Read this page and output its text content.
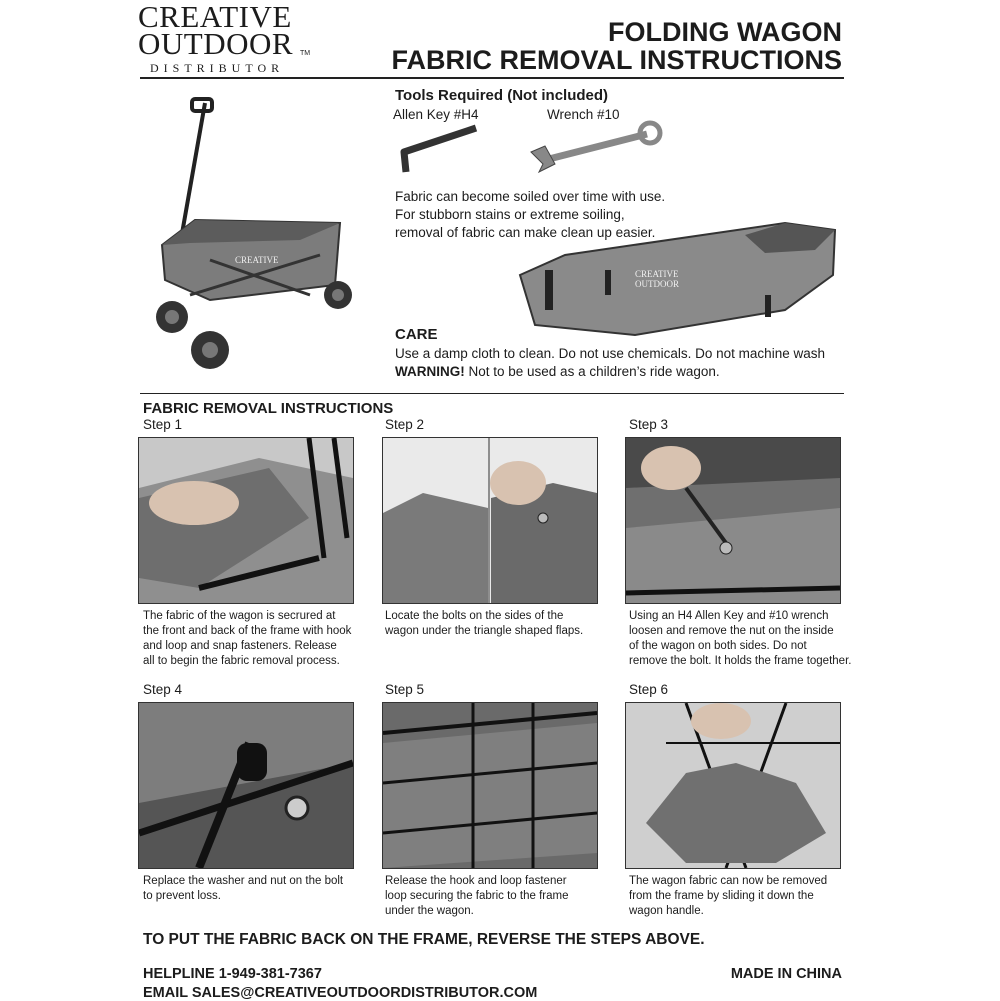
CREATIVE
OUTDOOR TM
DISTRIBUTOR
FOLDING WAGON
FABRIC REMOVAL INSTRUCTIONS
CREATIVE
Tools Required (Not included)
Allen Key #H4	Wrench #10
Fabric can become soiled over time with use.
For stubborn stains or extreme soiling,
removal of fabric can make clean up easier.
CREATIVE
OUTDOOR
CARE
Use a damp cloth to clean. Do not use chemicals. Do not machine wash
WARNING! Not to be used as a children’s ride wagon.
FABRIC REMOVAL INSTRUCTIONS
Step 1	Step 2	Step 3
The fabric of the wagon is secrured at
the front and back of the frame with hook
and loop and snap fasteners. Release
all to begin the fabric removal process.
Locate the bolts on the sides of the
wagon under the triangle shaped flaps.
Using an H4 Allen Key and #10 wrench
loosen and remove the nut on the inside
of the wagon on both sides. Do not
remove the bolt. It holds the frame together.
Step 4	Step 5	Step 6
Replace the washer and nut on the bolt
to prevent loss.
Release the hook and loop fastener
loop securing the fabric to the frame
under the wagon.
The wagon fabric can now be removed
from the frame by sliding it down the
wagon handle.
TO PUT THE FABRIC BACK ON THE FRAME, REVERSE THE STEPS ABOVE.
HELPLINE 1-949-381-7367
EMAIL SALES@CREATIVEOUTDOORDISTRIBUTOR.COM
MADE IN CHINA
